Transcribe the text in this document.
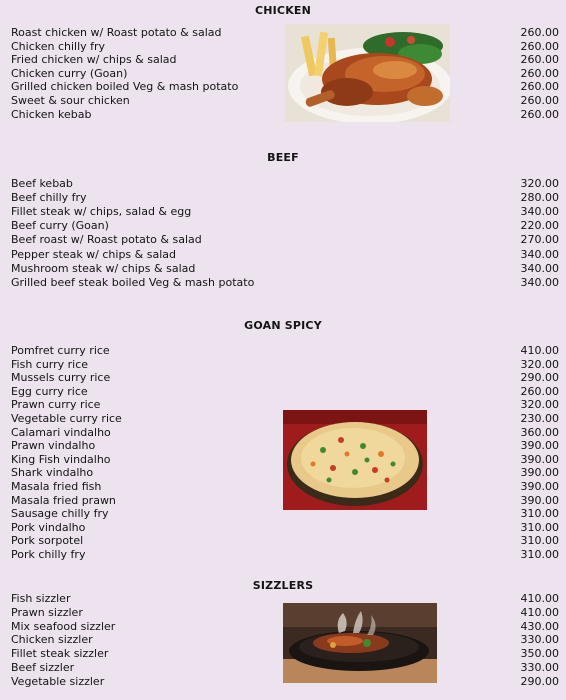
CHICKEN
BEEF
GOAN SPICY
SIZZLERS
Roast chicken w/ Roast potato & salad	260.00
Chicken chilly fry	260.00
Fried chicken w/ chips & salad	260.00
Chicken curry (Goan)	260.00
Grilled chicken boiled Veg & mash potato	260.00
Sweet & sour chicken	260.00
Chicken kebab	260.00
Beef kebab	320.00
Beef chilly fry	280.00
Fillet steak w/ chips, salad & egg	340.00
Beef curry (Goan)	220.00
Beef roast w/ Roast potato & salad	270.00
Pepper steak w/ chips & salad	340.00
Mushroom steak w/ chips & salad	340.00
Grilled beef steak boiled Veg & mash potato	340.00
Pomfret curry rice	410.00
Fish curry rice	320.00
Mussels curry rice	290.00
Egg curry rice	260.00
Prawn curry rice	320.00
Vegetable curry rice	230.00
Calamari vindalho	360.00
Prawn vindalho	390.00
King Fish vindalho	390.00
Shark vindalho	390.00
Masala fried fish	390.00
Masala fried prawn	390.00
Sausage chilly fry	310.00
Pork vindalho	310.00
Pork sorpotel	310.00
Pork chilly fry	310.00
Fish sizzler	410.00
Prawn sizzler	410.00
Mix seafood sizzler	430.00
Chicken sizzler	330.00
Fillet steak sizzler	350.00
Beef sizzler	330.00
Vegetable sizzler	290.00
